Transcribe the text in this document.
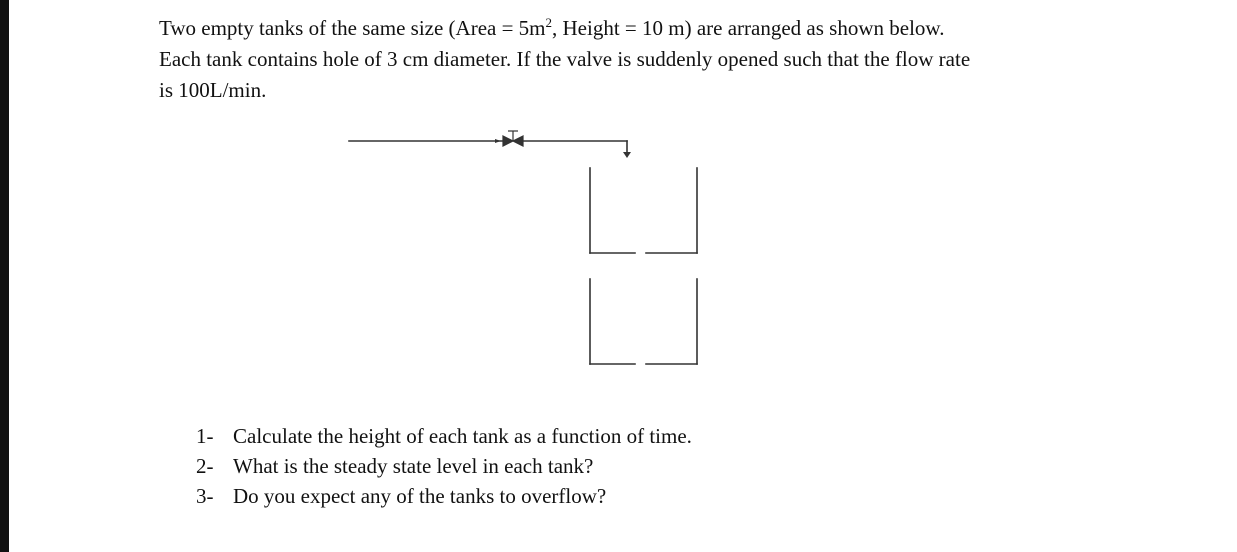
Two empty tanks of the same size (Area = $5m^2$, Height = 10 m) are arranged as shown below.

Each tank contains hole of 3 cm diameter. If the valve is suddenly opened such that the flow rate

is 100L/min.

1- Calculate the height of each tank as a function of time.
2- What is the steady state level in each tank?
3- Do you expect any of the tanks to overflow?
